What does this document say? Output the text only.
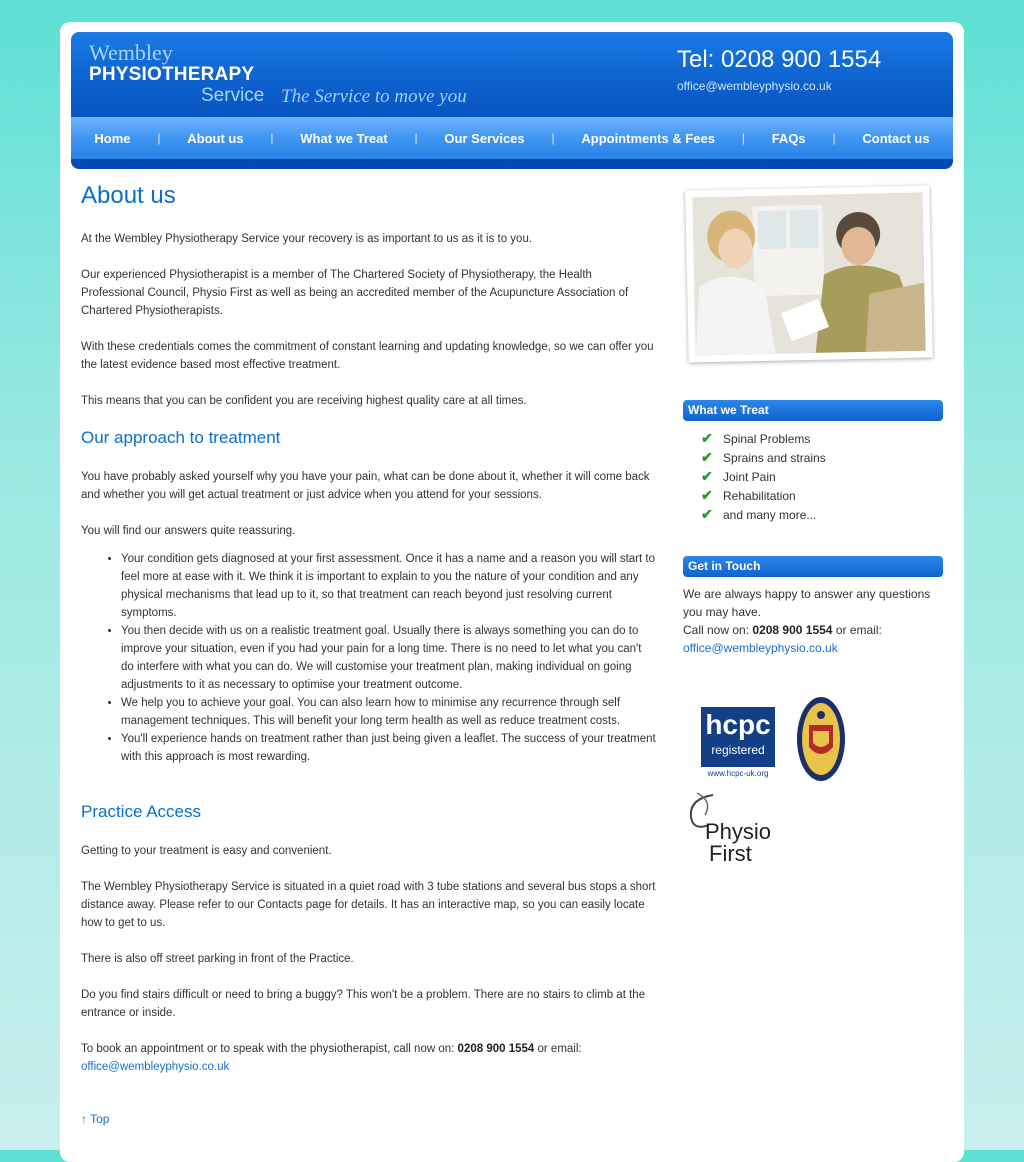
Wembley
PHYSIOTHERAPY
Service The Service to move you
Tel: 0208 900 1554
office@wembleyphysio.co.uk
Home | About us | What we Treat | Our Services | Appointments & Fees | FAQs | Contact us
About us

At the Wembley Physiotherapy Service your recovery is as important to us as it is to you.

Our experienced Physiotherapist is a member of The Chartered Society of Physiotherapy, the Health Professional Council, Physio First as well as being an accredited member of the Acupuncture Association of Chartered Physiotherapists.

With these credentials comes the commitment of constant learning and updating knowledge, so we can offer you the latest evidence based most effective treatment.

This means that you can be confident you are receiving highest quality care at all times.

Our approach to treatment

You have probably asked yourself why you have your pain, what can be done about it, whether it will come back and whether you will get actual treatment or just advice when you attend for your sessions.

You will find our answers quite reassuring.

• Your condition gets diagnosed at your first assessment. Once it has a name and a reason you will start to feel more at ease with it. We think it is important to explain to you the nature of your condition and any physical mechanisms that lead up to it, so that treatment can reach beyond just resolving current symptoms.
• You then decide with us on a realistic treatment goal. Usually there is always something you can do to improve your situation, even if you had your pain for a long time. There is no need to let what you can't do interfere with what you can do. We will customise your treatment plan, making individual on going adjustments to it as necessary to optimise your treatment outcome.
• We help you to achieve your goal. You can also learn how to minimise any recurrence through self management techniques. This will benefit your long term health as well as reduce treatment costs.
• You'll experience hands on treatment rather than just being given a leaflet. The success of your treatment with this approach is most rewarding.
Practice Access

Getting to your treatment is easy and convenient.

The Wembley Physiotherapy Service is situated in a quiet road with 3 tube stations and several bus stops a short distance away. Please refer to our Contacts page for details. It has an interactive map, so you can easily locate how to get to us.

There is also off street parking in front of the Practice.

Do you find stairs difficult or need to bring a buggy? This won't be a problem. There are no stairs to climb at the entrance or inside.

To book an appointment or to speak with the physiotherapist, call now on: 0208 900 1554 or email:
office@wembleyphysio.co.uk

↑ Top
What we Treat
✔ Spinal Problems
✔ Sprains and strains
✔ Joint Pain
✔ Rehabilitation
✔ and many more...
Get in Touch
We are always happy to answer any questions you may have.
Call now on: 0208 900 1554 or email:
office@wembleyphysio.co.uk
hcpc
registered
www.hcpc-uk.org
Physio
First
